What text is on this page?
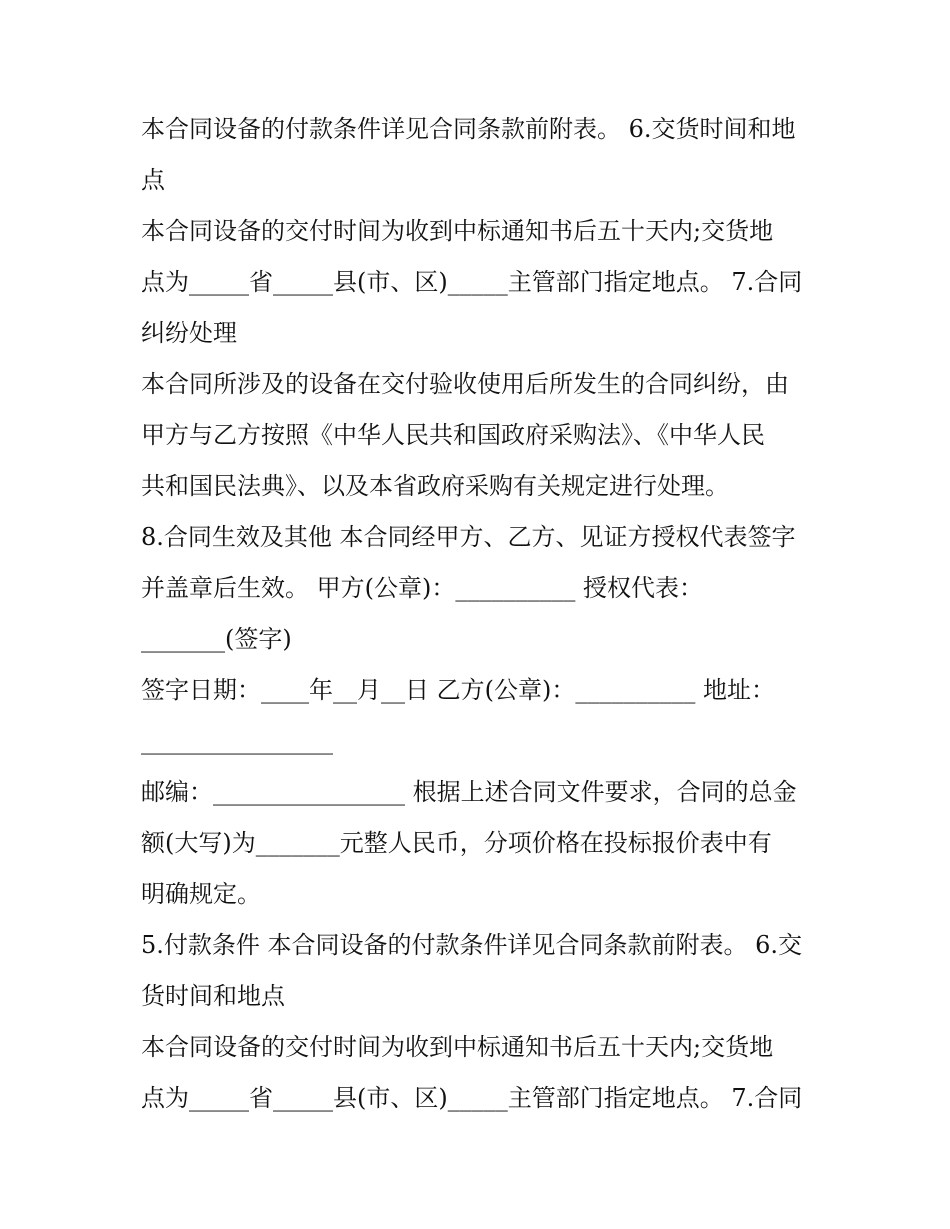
本合同设备的付款条件详见合同条款前附表。 6.交货时间和地
点
本合同设备的交付时间为收到中标通知书后五十天内;交货地
点为_____省_____县(市、区)_____主管部门指定地点。 7.合同
纠纷处理
本合同所涉及的设备在交付验收使用后所发生的合同纠纷，由
甲方与乙方按照《中华人民共和国政府采购法》、《中华人民
共和国民法典》、以及本省政府采购有关规定进行处理。
8.合同生效及其他 本合同经甲方、乙方、见证方授权代表签字
并盖章后生效。 甲方(公章)：__________ 授权代表：
_______(签字)
签字日期：____年__月__日 乙方(公章)：__________ 地址：
________________
邮编：________________ 根据上述合同文件要求，合同的总金
额(大写)为_______元整人民币，分项价格在投标报价表中有
明确规定。
5.付款条件 本合同设备的付款条件详见合同条款前附表。 6.交
货时间和地点
本合同设备的交付时间为收到中标通知书后五十天内;交货地
点为_____省_____县(市、区)_____主管部门指定地点。 7.合同
